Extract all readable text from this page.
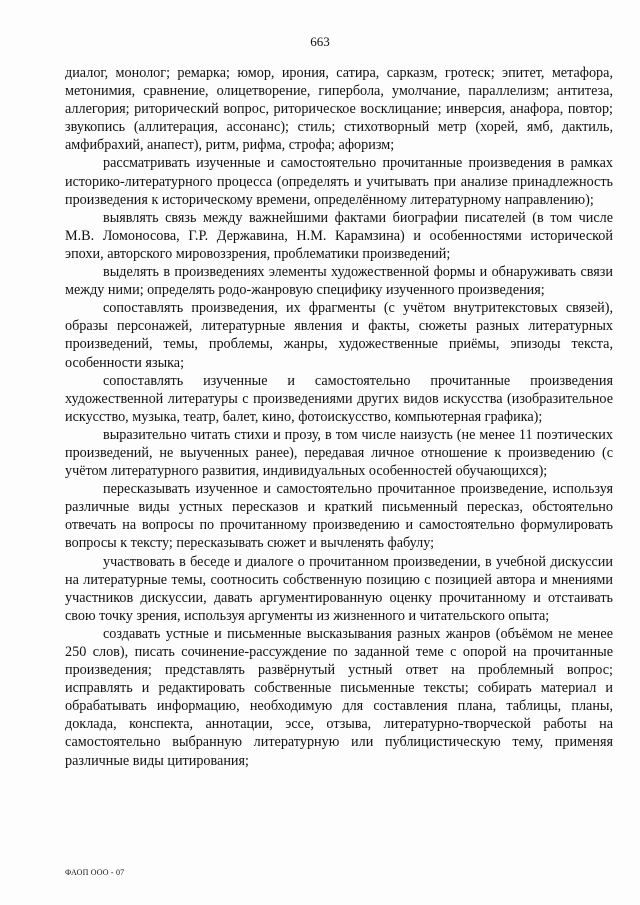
663

диалог, монолог; ремарка; юмор, ирония, сатира, сарказм, гротеск; эпитет, метафора, метонимия, сравнение, олицетворение, гипербола, умолчание, параллелизм; антитеза, аллегория; риторический вопрос, риторическое восклицание; инверсия, анафора, повтор; звукопись (аллитерация, ассонанс); стиль; стихотворный метр (хорей, ямб, дактиль, амфибрахий, анапест), ритм, рифма, строфа; афоризм;

рассматривать изученные и самостоятельно прочитанные произведения в рамках историко-литературного процесса (определять и учитывать при анализе принадлежность произведения к историческому времени, определённому литературному направлению);

выявлять связь между важнейшими фактами биографии писателей (в том числе М.В. Ломоносова, Г.Р. Державина, Н.М. Карамзина) и особенностями исторической эпохи, авторского мировоззрения, проблематики произведений;

выделять в произведениях элементы художественной формы и обнаруживать связи между ними; определять родо-жанровую специфику изученного произведения;

сопоставлять произведения, их фрагменты (с учётом внутритекстовых связей), образы персонажей, литературные явления и факты, сюжеты разных литературных произведений, темы, проблемы, жанры, художественные приёмы, эпизоды текста, особенности языка;

сопоставлять изученные и самостоятельно прочитанные произведения художественной литературы с произведениями других видов искусства (изобразительное искусство, музыка, театр, балет, кино, фотоискусство, компьютерная графика);

выразительно читать стихи и прозу, в том числе наизусть (не менее 11 поэтических произведений, не выученных ранее), передавая личное отношение к произведению (с учётом литературного развития, индивидуальных особенностей обучающихся);

пересказывать изученное и самостоятельно прочитанное произведение, используя различные виды устных пересказов и краткий письменный пересказ, обстоятельно отвечать на вопросы по прочитанному произведению и самостоятельно формулировать вопросы к тексту; пересказывать сюжет и вычленять фабулу;

участвовать в беседе и диалоге о прочитанном произведении, в учебной дискуссии на литературные темы, соотносить собственную позицию с позицией автора и мнениями участников дискуссии, давать аргументированную оценку прочитанному и отстаивать свою точку зрения, используя аргументы из жизненного и читательского опыта;

создавать устные и письменные высказывания разных жанров (объёмом не менее 250 слов), писать сочинение-рассуждение по заданной теме с опорой на прочитанные произведения; представлять развёрнутый устный ответ на проблемный вопрос; исправлять и редактировать собственные письменные тексты; собирать материал и обрабатывать информацию, необходимую для составления плана, таблицы, планы, доклада, конспекта, аннотации, эссе, отзыва, литературно-творческой работы на самостоятельно выбранную литературную или публицистическую тему, применяя различные виды цитирования;

ФАОП ООО - 07
